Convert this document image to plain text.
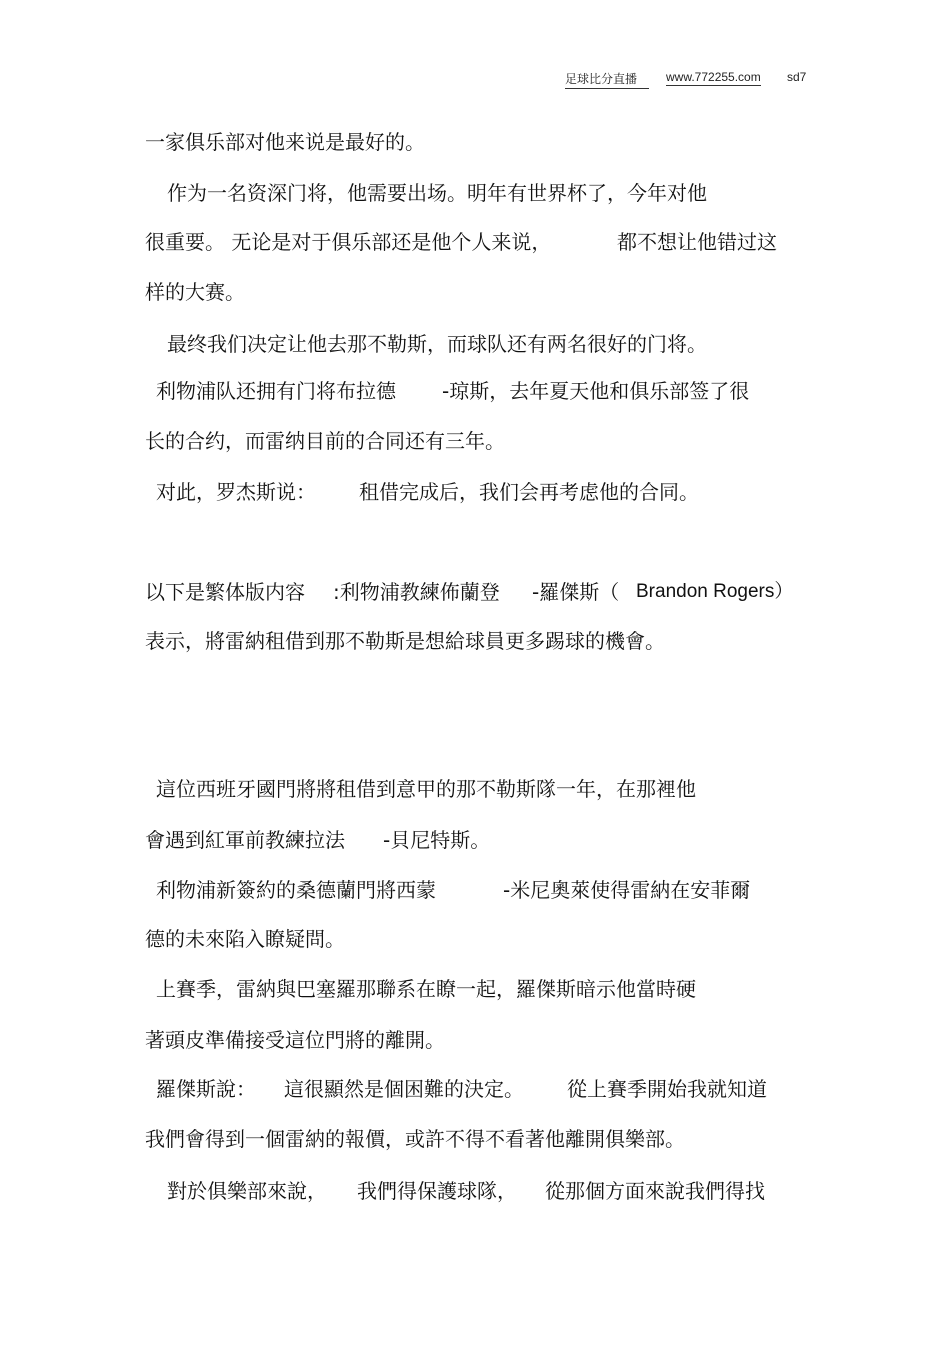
足球比分直播	www.772255.com sd7
一家俱乐部对他来说是最好的。
作为一名资深门将，他需要出场。明年有世界杯了，今年对他
很重要。 无论是对于俱乐部还是他个人来说，	都不想让他错过这
样的大赛。
最终我们决定让他去那不勒斯，而球队还有两名很好的门将。
利物浦队还拥有门将布拉德 -琼斯，去年夏天他和俱乐部签了很
长的合约，而雷纳目前的合同还有三年。
对此，罗杰斯说： 租借完成后，我们会再考虑他的合同。
以下是繁体版内容 :利物浦教練佈蘭登 -羅傑斯（ Brandon Rogers）
表示，將雷納租借到那不勒斯是想給球員更多踢球的機會。
這位西班牙國門將將租借到意甲的那不勒斯隊一年，在那裡他
會遇到紅軍前教練拉法 -貝尼特斯。
利物浦新簽約的桑德蘭門將西蒙	-米尼奧萊使得雷納在安菲爾
德的未來陷入瞭疑問。
上賽季，雷納與巴塞羅那聯系在瞭一起，羅傑斯暗示他當時硬
著頭皮準備接受這位門將的離開。
羅傑斯說： 這很顯然是個困難的決定。 從上賽季開始我就知道
我們會得到一個雷納的報價，或許不得不看著他離開俱樂部。
對於俱樂部來說， 我們得保護球隊， 從那個方面來說我們得找
